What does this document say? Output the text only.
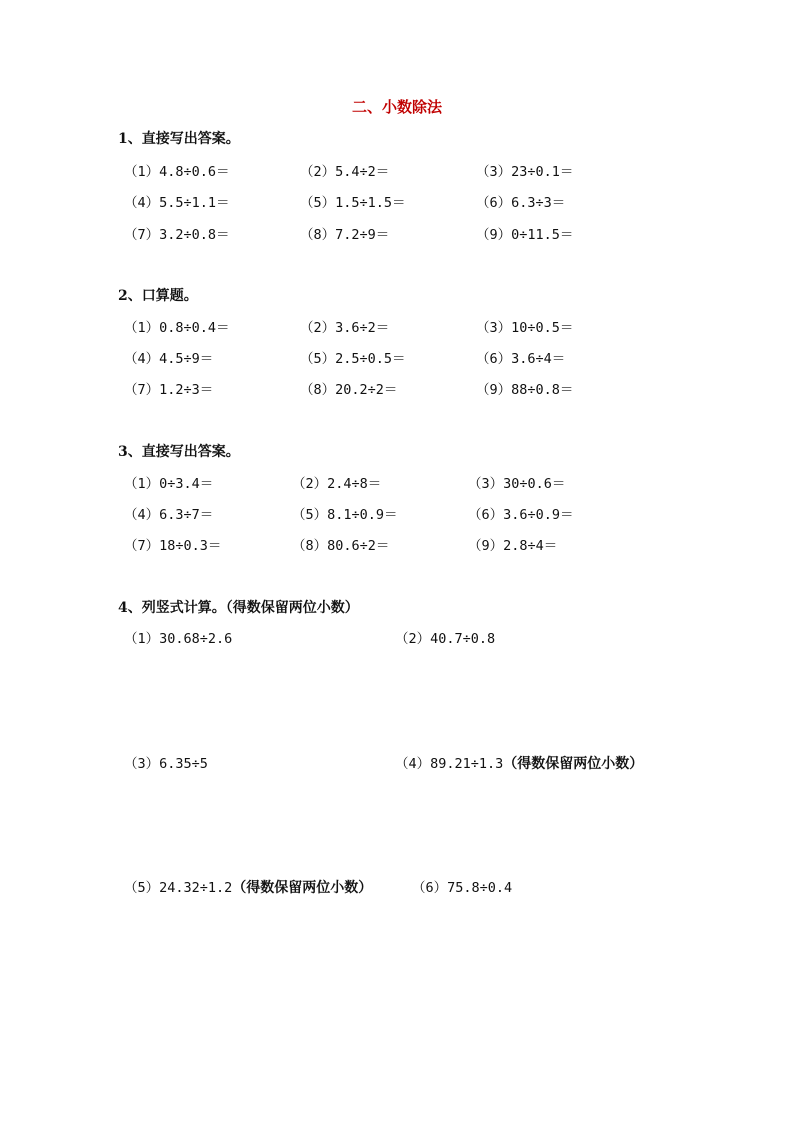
二、小数除法
1、直接写出答案。
（1）4.8÷0.6＝	（2）5.4÷2＝	（3）23÷0.1＝
（4）5.5÷1.1＝	（5）1.5÷1.5＝	（6）6.3÷3＝
（7）3.2÷0.8＝	（8）7.2÷9＝	（9）0÷11.5＝
2、口算题。
（1）0.8÷0.4＝	（2）3.6÷2＝	（3）10÷0.5＝
（4）4.5÷9＝	（5）2.5÷0.5＝	（6）3.6÷4＝
（7）1.2÷3＝	（8）20.2÷2＝	（9）88÷0.8＝
3、直接写出答案。
（1）0÷3.4＝	（2）2.4÷8＝	（3）30÷0.6＝
（4）6.3÷7＝	（5）8.1÷0.9＝	（6）3.6÷0.9＝
（7）18÷0.3＝	（8）80.6÷2＝	（9）2.8÷4＝
4、列竖式计算。（得数保留两位小数）
（1）30.68÷2.6	（2）40.7÷0.8
（3）6.35÷5	（4）89.21÷1.3（得数保留两位小数）
（5）24.32÷1.2（得数保留两位小数）	（6）75.8÷0.4
